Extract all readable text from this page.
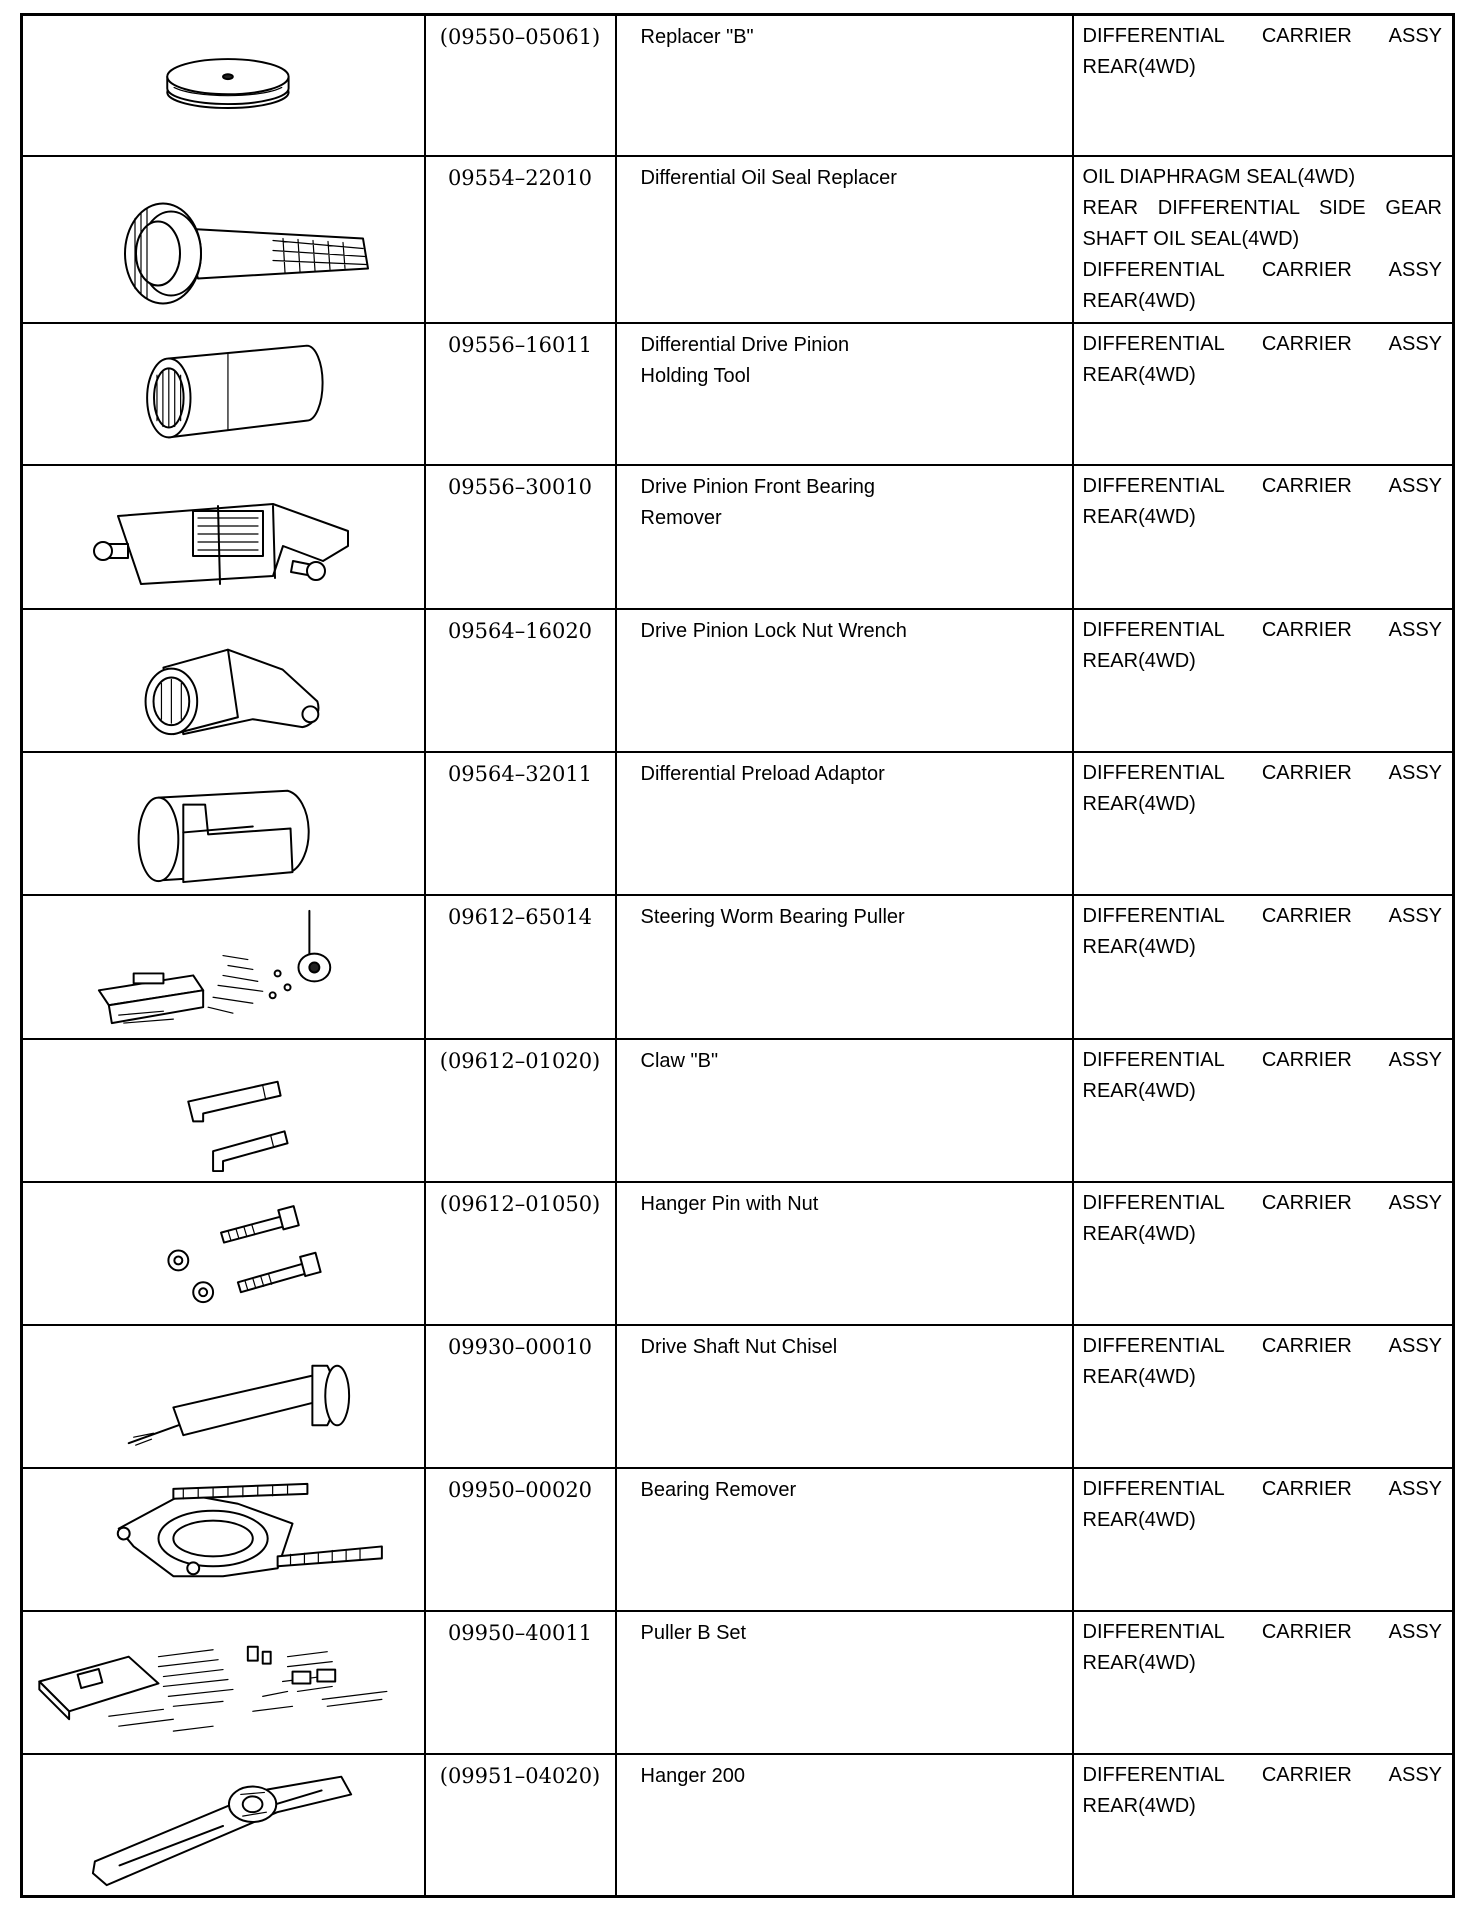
(09550–05061)	Replacer "B"	DIFFERENTIAL CARRIER ASSY
REAR(4WD)

09554–22010	Differential Oil Seal Replacer	OIL DIAPHRAGM SEAL(4WD)
REAR DIFFERENTIAL SIDE GEAR
SHAFT OIL SEAL(4WD)
DIFFERENTIAL CARRIER ASSY
REAR(4WD)

09556–16011	Differential Drive Pinion
Holding Tool	DIFFERENTIAL CARRIER ASSY
REAR(4WD)

09556–30010	Drive Pinion Front Bearing
Remover	DIFFERENTIAL CARRIER ASSY
REAR(4WD)

09564–16020	Drive Pinion Lock Nut Wrench	DIFFERENTIAL CARRIER ASSY
REAR(4WD)

09564–32011	Differential Preload Adaptor	DIFFERENTIAL CARRIER ASSY
REAR(4WD)

09612–65014	Steering Worm Bearing Puller	DIFFERENTIAL CARRIER ASSY
REAR(4WD)

(09612–01020)	Claw "B"	DIFFERENTIAL CARRIER ASSY
REAR(4WD)

(09612–01050)	Hanger Pin with Nut	DIFFERENTIAL CARRIER ASSY
REAR(4WD)

09930–00010	Drive Shaft Nut Chisel	DIFFERENTIAL CARRIER ASSY
REAR(4WD)

09950–00020	Bearing Remover	DIFFERENTIAL CARRIER ASSY
REAR(4WD)

09950–40011	Puller B Set	DIFFERENTIAL CARRIER ASSY
REAR(4WD)

(09951–04020)	Hanger 200	DIFFERENTIAL CARRIER ASSY
REAR(4WD)
